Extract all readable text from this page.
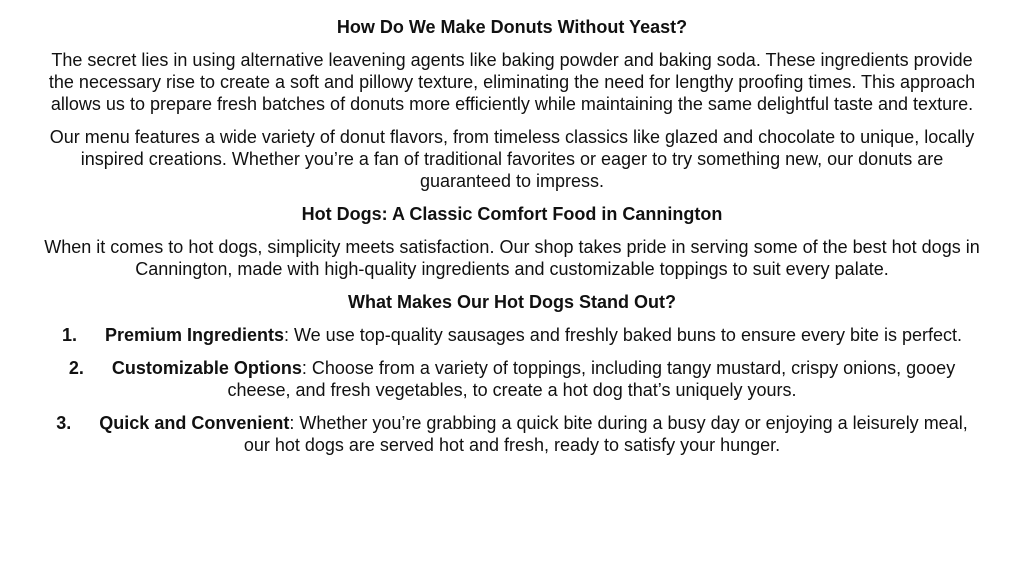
How Do We Make Donuts Without Yeast?
The secret lies in using alternative leavening agents like baking powder and baking soda. These ingredients provide the necessary rise to create a soft and pillowy texture, eliminating the need for lengthy proofing times. This approach allows us to prepare fresh batches of donuts more efficiently while maintaining the same delightful taste and texture.
Our menu features a wide variety of donut flavors, from timeless classics like glazed and chocolate to unique, locally inspired creations. Whether you’re a fan of traditional favorites or eager to try something new, our donuts are guaranteed to impress.
Hot Dogs: A Classic Comfort Food in Cannington
When it comes to hot dogs, simplicity meets satisfaction. Our shop takes pride in serving some of the best hot dogs in Cannington, made with high-quality ingredients and customizable toppings to suit every palate.
What Makes Our Hot Dogs Stand Out?
1. Premium Ingredients: We use top-quality sausages and freshly baked buns to ensure every bite is perfect.
2. Customizable Options: Choose from a variety of toppings, including tangy mustard, crispy onions, gooey cheese, and fresh vegetables, to create a hot dog that’s uniquely yours.
3. Quick and Convenient: Whether you’re grabbing a quick bite during a busy day or enjoying a leisurely meal, our hot dogs are served hot and fresh, ready to satisfy your hunger.
